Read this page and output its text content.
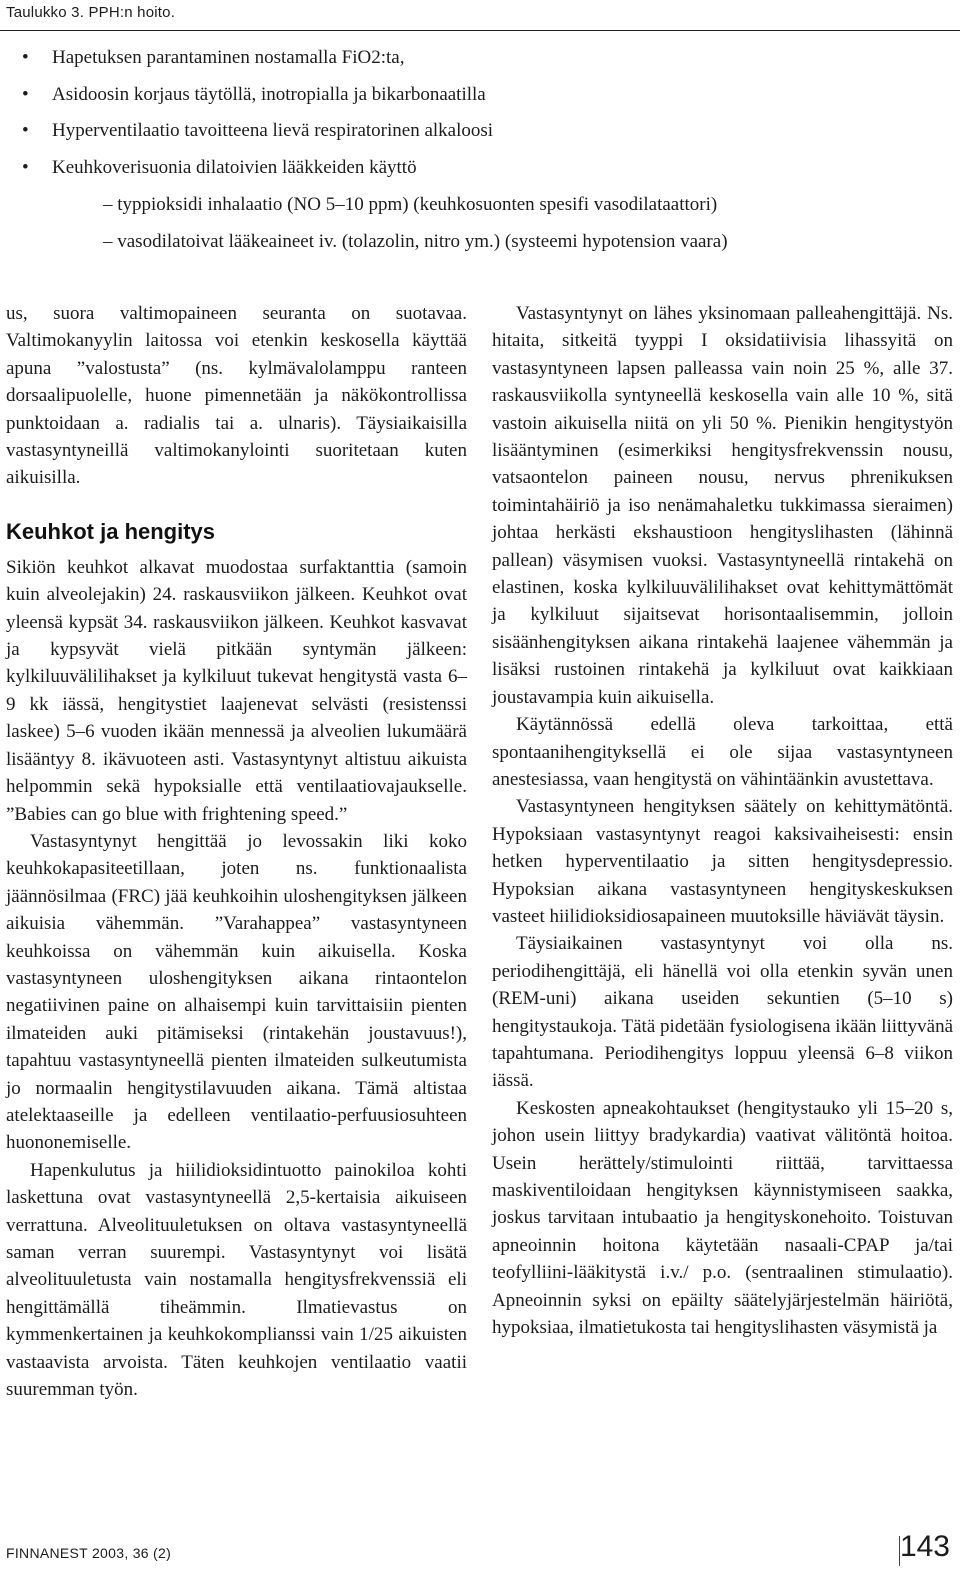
Taulukko 3. PPH:n hoito.
• Hapetuksen parantaminen nostamalla FiO2:ta,
• Asidoosin korjaus täytöllä, inotropialla ja bikarbonaatilla
• Hyperventilaatio tavoitteena lievä respiratorinen alkaloosi
• Keuhkoverisuonia dilatoivien lääkkeiden käyttö
– typpioksidi inhalaatio (NO 5–10 ppm) (keuhkosuonten spesifi vasodilataattori)
– vasodilatoivat lääkeaineet iv. (tolazolin, nitro ym.) (systeemi hypotension vaara)

us, suora valtimopaineen seuranta on suotavaa. Valtimokanyylin laitossa voi etenkin keskosella käyttää apuna ”valostusta” (ns. kylmävalolamppu ranteen dorsaalipuolelle, huone pimennetään ja näkökontrollissa punktoidaan a. radialis tai a. ulnaris). Täysiaikaisilla vastasyntyneillä valtimokanylointi suoritetaan kuten aikuisilla.

Keuhkot ja hengitys

Sikiön keuhkot alkavat muodostaa surfaktanttia (samoin kuin alveolejakin) 24. raskausviikon jälkeen. Keuhkot ovat yleensä kypsät 34. raskausviikon jälkeen. Keuhkot kasvavat ja kypsyvät vielä pitkään syntymän jälkeen: kylkiluuvälilihakset ja kylkiluut tukevat hengitystä vasta 6–9 kk iässä, hengitystiet laajenevat selvästi (resistenssi laskee) 5–6 vuoden ikään mennessä ja alveolien lukumäärä lisääntyy 8. ikävuoteen asti. Vastasyntynyt altistuu aikuista helpommin sekä hypoksialle että ventilaatiovajaukselle. ”Babies can go blue with frightening speed.”

Vastasyntynyt hengittää jo levossakin liki koko keuhkokapasiteetillaan, joten ns. funktionaalista jäännösilmaa (FRC) jää keuhkoihin uloshengityksen jälkeen aikuisia vähemmän. ”Varahappea” vastasyntyneen keuhkoissa on vähemmän kuin aikuisella. Koska vastasyntyneen uloshengityksen aikana rintaontelon negatiivinen paine on alhaisempi kuin tarvittaisiin pienten ilmateiden auki pitämiseksi (rintakehän joustavuus!), tapahtuu vastasyntyneellä pienten ilmateiden sulkeutumista jo normaalin hengitystilavuuden aikana. Tämä altistaa atelektaaseille ja edelleen ventilaatio-perfuusiosuhteen huononemiselle.

Hapenkulutus ja hiilidioksidintuotto painokiloa kohti laskettuna ovat vastasyntyneellä 2,5-kertaisia aikuiseen verrattuna. Alveolituuletuksen on oltava vastasyntyneellä saman verran suurempi. Vastasyntynyt voi lisätä alveolituuletusta vain nostamalla hengitysfrekvenssiä eli hengittämällä tiheämmin. Ilmatievastus on kymmenkertainen ja keuhkokomplianssi vain 1/25 aikuisten vastaavista arvoista. Täten keuhkojen ventilaatio vaatii suuremman työn.

Vastasyntynyt on lähes yksinomaan palleahengittäjä. Ns. hitaita, sitkeitä tyyppi I oksidatiivisia lihassyitä on vastasyntyneen lapsen palleassa vain noin 25 %, alle 37. raskausviikolla syntyneellä keskosella vain alle 10 %, sitä vastoin aikuisella niitä on yli 50 %. Pienikin hengitystyön lisääntyminen (esimerkiksi hengitysfrekvenssin nousu, vatsaontelon paineen nousu, nervus phrenikuksen toimintahäiriö ja iso nenämahaletku tukkimassa sieraimen) johtaa herkästi ekshaustioon hengityslihasten (lähinnä pallean) väsymisen vuoksi. Vastasyntyneellä rintakehä on elastinen, koska kylkiluuvälilihakset ovat kehittymättömät ja kylkiluut sijaitsevat horisontaalisemmin, jolloin sisäänhengityksen aikana rintakehä laajenee vähemmän ja lisäksi rustoinen rintakehä ja kylkiluut ovat kaikkiaan joustavampia kuin aikuisella.

Käytännössä edellä oleva tarkoittaa, että spontaanihengityksellä ei ole sijaa vastasyntyneen anestesiassa, vaan hengitystä on vähintäänkin avustettava.

Vastasyntyneen hengityksen säätely on kehittymätöntä. Hypoksiaan vastasyntynyt reagoi kaksivaiheisesti: ensin hetken hyperventilaatio ja sitten hengitysdepressio. Hypoksian aikana vastasyntyneen hengityskeskuksen vasteet hiilidioksidiosapaineen muutoksille häviävät täysin.

Täysiaikainen vastasyntynyt voi olla ns. periodihengittäjä, eli hänellä voi olla etenkin syvän unen (REM-uni) aikana useiden sekuntien (5–10 s) hengitystaukoja. Tätä pidetään fysiologisena ikään liittyvänä tapahtumana. Periodihengitys loppuu yleensä 6–8 viikon iässä.

Keskosten apneakohtaukset (hengitystauko yli 15–20 s, johon usein liittyy bradykardia) vaativat välitöntä hoitoa. Usein herättely/stimulointi riittää, tarvittaessa maskiventiloidaan hengityksen käynnistymiseen saakka, joskus tarvitaan intubaatio ja hengityskonehoito. Toistuvan apneoinnin hoitona käytetään nasaali-CPAP ja/tai teofylliini-lääkitystä i.v./ p.o. (sentraalinen stimulaatio). Apneoinnin syksi on epäilty säätelyjärjestelmän häiriötä, hypoksiaa, ilmatietukosta tai hengityslihasten väsymistä ja

FINNANEST 2003, 36 (2)	143
